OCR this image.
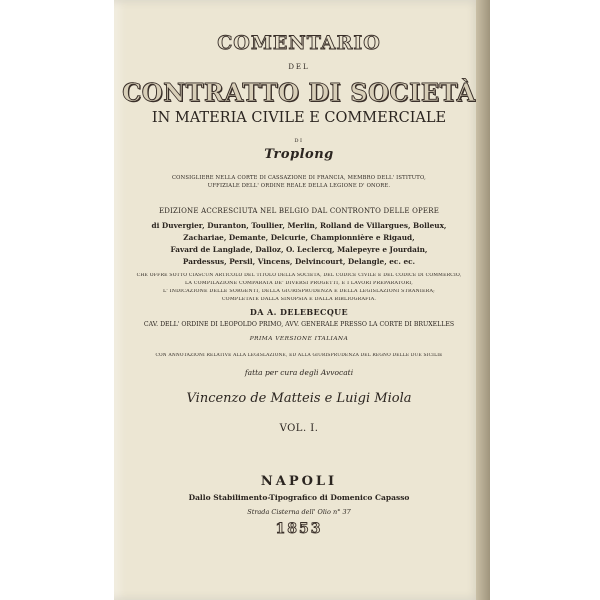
COMENTARIO
DEL
CONTRATTO DI SOCIETÀ
IN MATERIA CIVILE E COMMERCIALE
DI
Troplong
CONSIGLIERE NELLA CORTE DI CASSAZIONE DI FRANCIA, MEMBRO DELL' ISTITUTO,
UFFIZIALE DELL' ORDINE REALE DELLA LEGIONE D' ONORE.
EDIZIONE ACCRESCIUTA NEL BELGIO DAL CONTRONTO DELLE OPERE
di Duvergier, Duranton, Toullier, Merlin, Rolland de Villargues, Bolleux,
Zachariae, Demante, Delcurie, Championnière e Rigaud,
Favard de Langlade, Dalloz, O. Leclercq, Malepeyre e Jourdain,
Pardessus, Persil, Vincens, Delvincourt, Delangle, ec. ec.
CHE OFFRE SOTTO CIASCUN ARTICOLO DEL TITOLO DELLA SOCIETÀ, DEL CODICE CIVILE E DEL CODICE DI COMMERCIO,
LA COMPILAZIONE COMPARATA DE' DIVERSI PROGETTI, E I LAVORI PREPARATORI,
L' INDICAZIONE DELLE SORGENTI, DELLA GIURISPRUDENZA E DELLA LEGISLAZIONI STRANIERA;
COMPLETATE DALLA SINOPSIA E DALLA BIBLIOGRAFIA.
DA A. DELEBECQUE
CAV. DELL' ORDINE DI LEOPOLDO PRIMO, AVV. GENERALE PRESSO LA CORTE DI BRUXELLES
PRIMA VERSIONE ITALIANA
CON ANNOTAZIONI RELATIVE ALLA LEGISLAZIONE, ED ALLA GIURISPRUDENZA DEL REGNO DELLE DUE SICILIE
fatta per cura degli Avvocati
Vincenzo de Matteis e Luigi Miola
VOL. I.
NAPOLI
Dallo Stabilimento-Tipografico di Domenico Capasso
Strada Cisterna dell' Olio n° 37
1853
